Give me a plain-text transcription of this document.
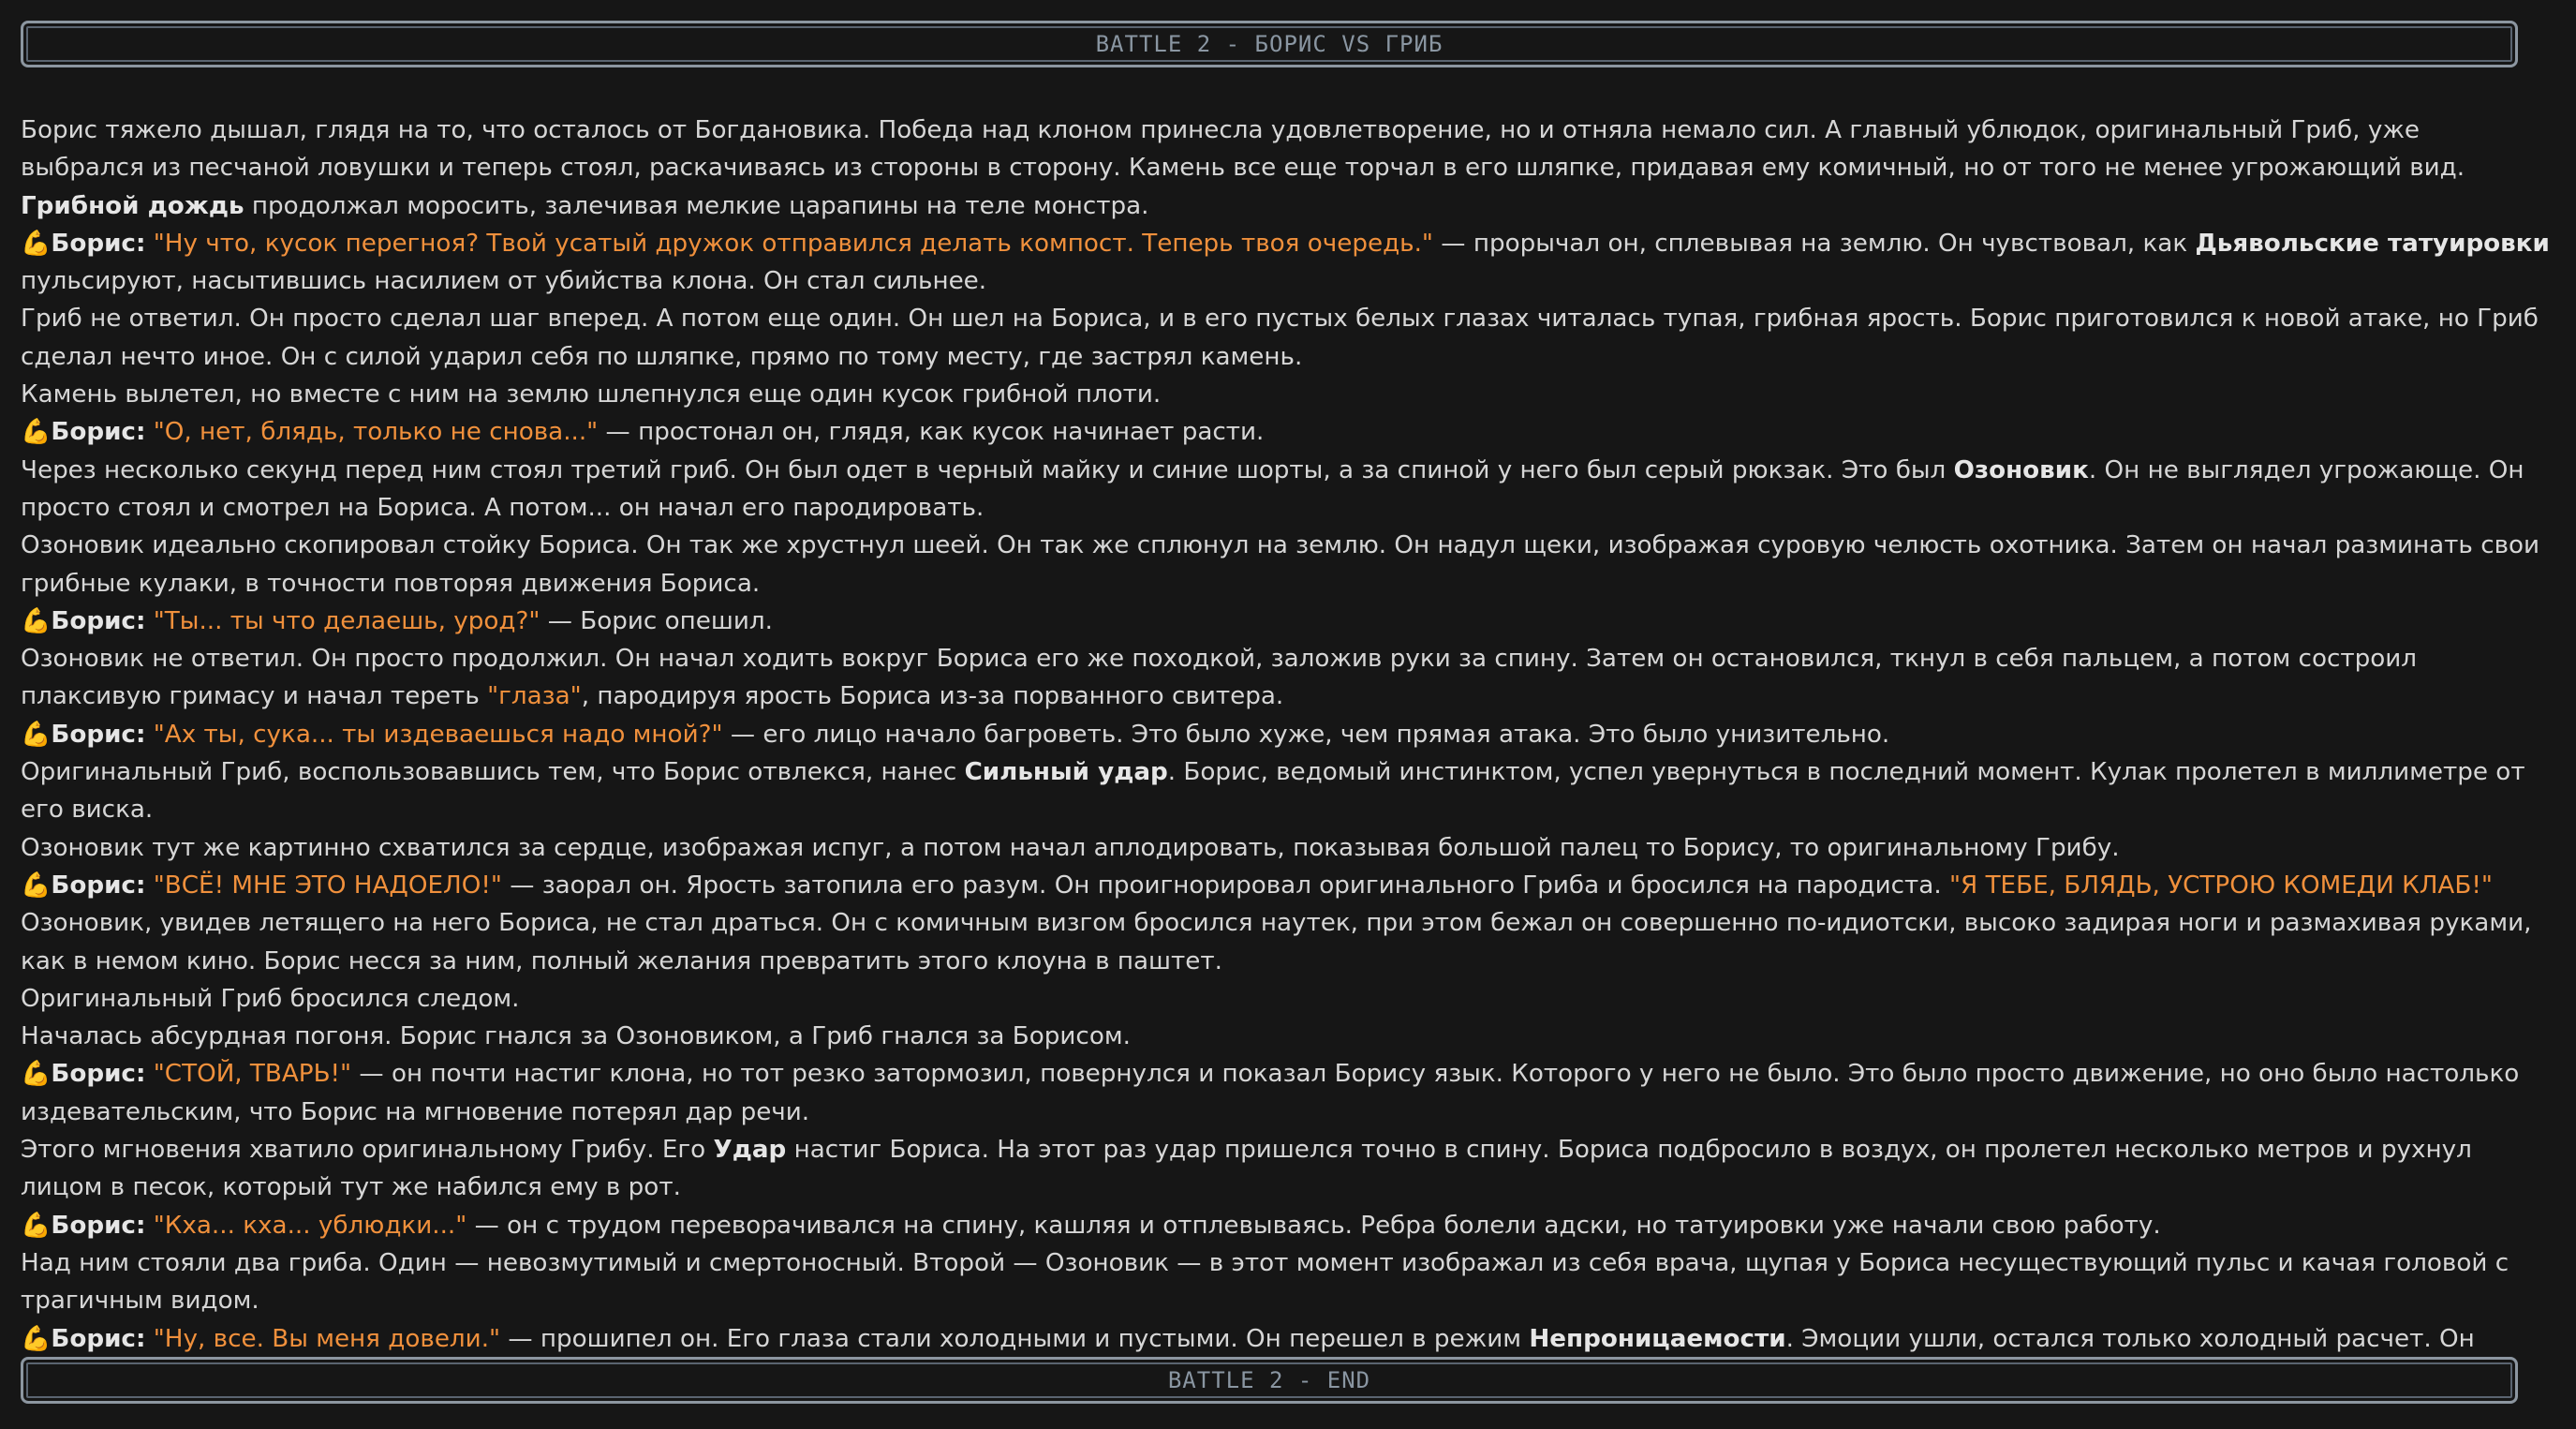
BATTLE 2 - БОРИС VS ГРИБ

Борис тяжело дышал, глядя на то, что осталось от Богдановика. Победа над клоном принесла удовлетворение, но и отняла немало сил. А главный ублюдок, оригинальный Гриб, уже выбрался из песчаной ловушки и теперь стоял, раскачиваясь из стороны в сторону. Камень все еще торчал в его шляпке, придавая ему комичный, но от того не менее угрожающий вид. Грибной дождь продолжал моросить, залечивая мелкие царапины на теле монстра.

💪Борис: "Ну что, кусок перегноя? Твой усатый дружок отправился делать компост. Теперь твоя очередь." — прорычал он, сплевывая на землю. Он чувствовал, как Дьявольские татуировки пульсируют, насытившись насилием от убийства клона. Он стал сильнее.

Гриб не ответил. Он просто сделал шаг вперед. А потом еще один. Он шел на Бориса, и в его пустых белых глазах читалась тупая, грибная ярость. Борис приготовился к новой атаке, но Гриб сделал нечто иное. Он с силой ударил себя по шляпке, прямо по тому месту, где застрял камень.

Камень вылетел, но вместе с ним на землю шлепнулся еще один кусок грибной плоти.

💪Борис: "О, нет, блядь, только не снова..." — простонал он, глядя, как кусок начинает расти.

Через несколько секунд перед ним стоял третий гриб. Он был одет в черный майку и синие шорты, а за спиной у него был серый рюкзак. Это был Озоновик. Он не выглядел угрожающе. Он просто стоял и смотрел на Бориса. А потом... он начал его пародировать.

Озоновик идеально скопировал стойку Бориса. Он так же хрустнул шеей. Он так же сплюнул на землю. Он надул щеки, изображая суровую челюсть охотника. Затем он начал разминать свои грибные кулаки, в точности повторяя движения Бориса.

💪Борис: "Ты... ты что делаешь, урод?" — Борис опешил.

Озоновик не ответил. Он просто продолжил. Он начал ходить вокруг Бориса его же походкой, заложив руки за спину. Затем он остановился, ткнул в себя пальцем, а потом состроил плаксивую гримасу и начал тереть "глаза", пародируя ярость Бориса из-за порванного свитера.

💪Борис: "Ах ты, сука... ты издеваешься надо мной?" — его лицо начало багроветь. Это было хуже, чем прямая атака. Это было унизительно.

Оригинальный Гриб, воспользовавшись тем, что Борис отвлекся, нанес Сильный удар. Борис, ведомый инстинктом, успел увернуться в последний момент. Кулак пролетел в миллиметре от его виска.

Озоновик тут же картинно схватился за сердце, изображая испуг, а потом начал аплодировать, показывая большой палец то Борису, то оригинальному Грибу.

💪Борис: "ВСЁ! МНЕ ЭТО НАДОЕЛО!" — заорал он. Ярость затопила его разум. Он проигнорировал оригинального Гриба и бросился на пародиста. "Я ТЕБЕ, БЛЯДЬ, УСТРОЮ КОМЕДИ КЛАБ!"

Озоновик, увидев летящего на него Бориса, не стал драться. Он с комичным визгом бросился наутек, при этом бежал он совершенно по-идиотски, высоко задирая ноги и размахивая руками, как в немом кино. Борис несся за ним, полный желания превратить этого клоуна в паштет.

Оригинальный Гриб бросился следом.

Началась абсурдная погоня. Борис гнался за Озоновиком, а Гриб гнался за Борисом.

💪Борис: "СТОЙ, ТВАРЬ!" — он почти настиг клона, но тот резко затормозил, повернулся и показал Борису язык. Которого у него не было. Это было просто движение, но оно было настолько издевательским, что Борис на мгновение потерял дар речи.

Этого мгновения хватило оригинальному Грибу. Его Удар настиг Бориса. На этот раз удар пришелся точно в спину. Бориса подбросило в воздух, он пролетел несколько метров и рухнул лицом в песок, который тут же набился ему в рот.

💪Борис: "Кха... кха... ублюдки..." — он с трудом переворачивался на спину, кашляя и отплевываясь. Ребра болели адски, но татуировки уже начали свою работу.

Над ним стояли два гриба. Один — невозмутимый и смертоносный. Второй — Озоновик — в этот момент изображал из себя врача, щупая у Бориса несуществующий пульс и качая головой с трагичным видом.

💪Борис: "Ну, все. Вы меня довели." — прошипел он. Его глаза стали холодными и пустыми. Он перешел в режим Непроницаемости. Эмоции ушли, остался только холодный расчет. Он

BATTLE 2 - END
